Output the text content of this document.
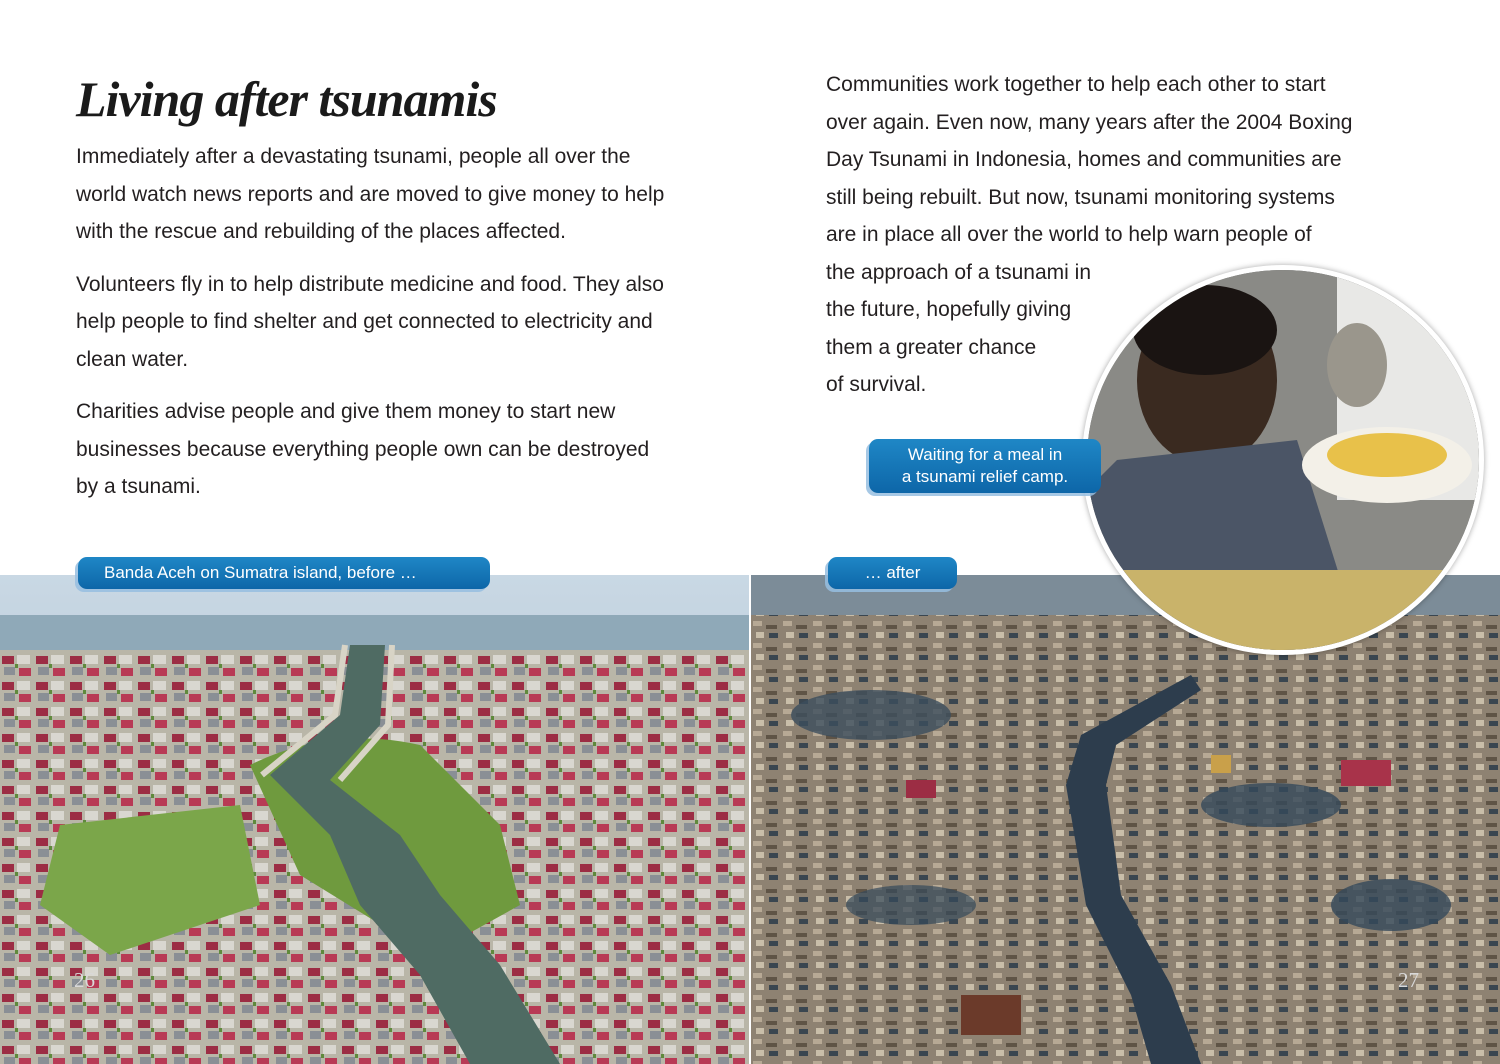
Living after tsunamis

Immediately after a devastating tsunami, people all over the world watch news reports and are moved to give money to help with the rescue and rebuilding of the places affected.

Volunteers fly in to help distribute medicine and food. They also help people to find shelter and get connected to electricity and clean water.

Charities advise people and give them money to start new businesses because everything people own can be destroyed by a tsunami.

Communities work together to help each other to start
over again. Even now, many years after the 2004 Boxing
Day Tsunami in Indonesia, homes and communities are
still being rebuilt. But now, tsunami monitoring systems
are in place all over the world to help warn people of
the approach of a tsunami in
the future, hopefully giving
them a greater chance
of survival.

Banda Aceh on Sumatra island, before …	… after
Waiting for a meal in
a tsunami relief camp.
26	27
